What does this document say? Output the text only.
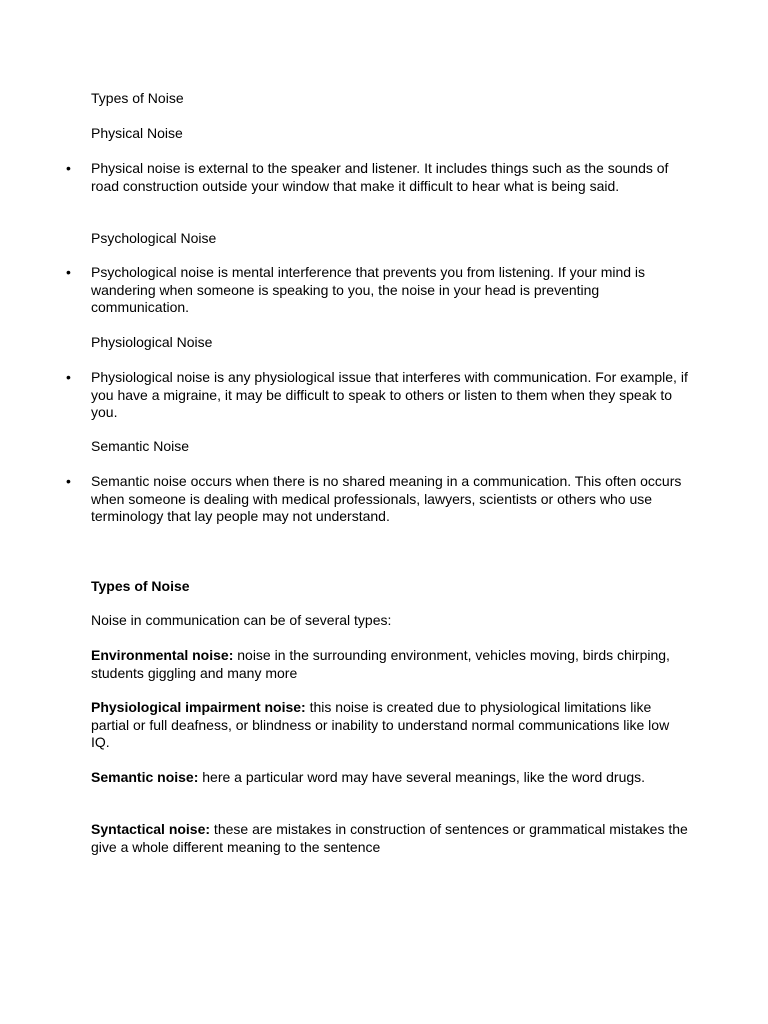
Types of Noise

Physical Noise

•	Physical noise is external to the speaker and listener. It includes things such as the sounds of road construction outside your window that make it difficult to hear what is being said.

Psychological Noise

•	Psychological noise is mental interference that prevents you from listening. If your mind is wandering when someone is speaking to you, the noise in your head is preventing communication.

Physiological Noise

•	Physiological noise is any physiological issue that interferes with communication. For example, if you have a migraine, it may be difficult to speak to others or listen to them when they speak to you.

Semantic Noise

•	Semantic noise occurs when there is no shared meaning in a communication. This often occurs when someone is dealing with medical professionals, lawyers, scientists or others who use terminology that lay people may not understand.

Types of Noise

Noise in communication can be of several types:

Environmental noise: noise in the surrounding environment, vehicles moving, birds chirping, students giggling and many more

Physiological impairment noise: this noise is created due to physiological limitations like partial or full deafness, or blindness or inability to understand normal communications like low IQ.

Semantic noise: here a particular word may have several meanings, like the word drugs.

Syntactical noise: these are mistakes in construction of sentences or grammatical mistakes the give a whole different meaning to the sentence
